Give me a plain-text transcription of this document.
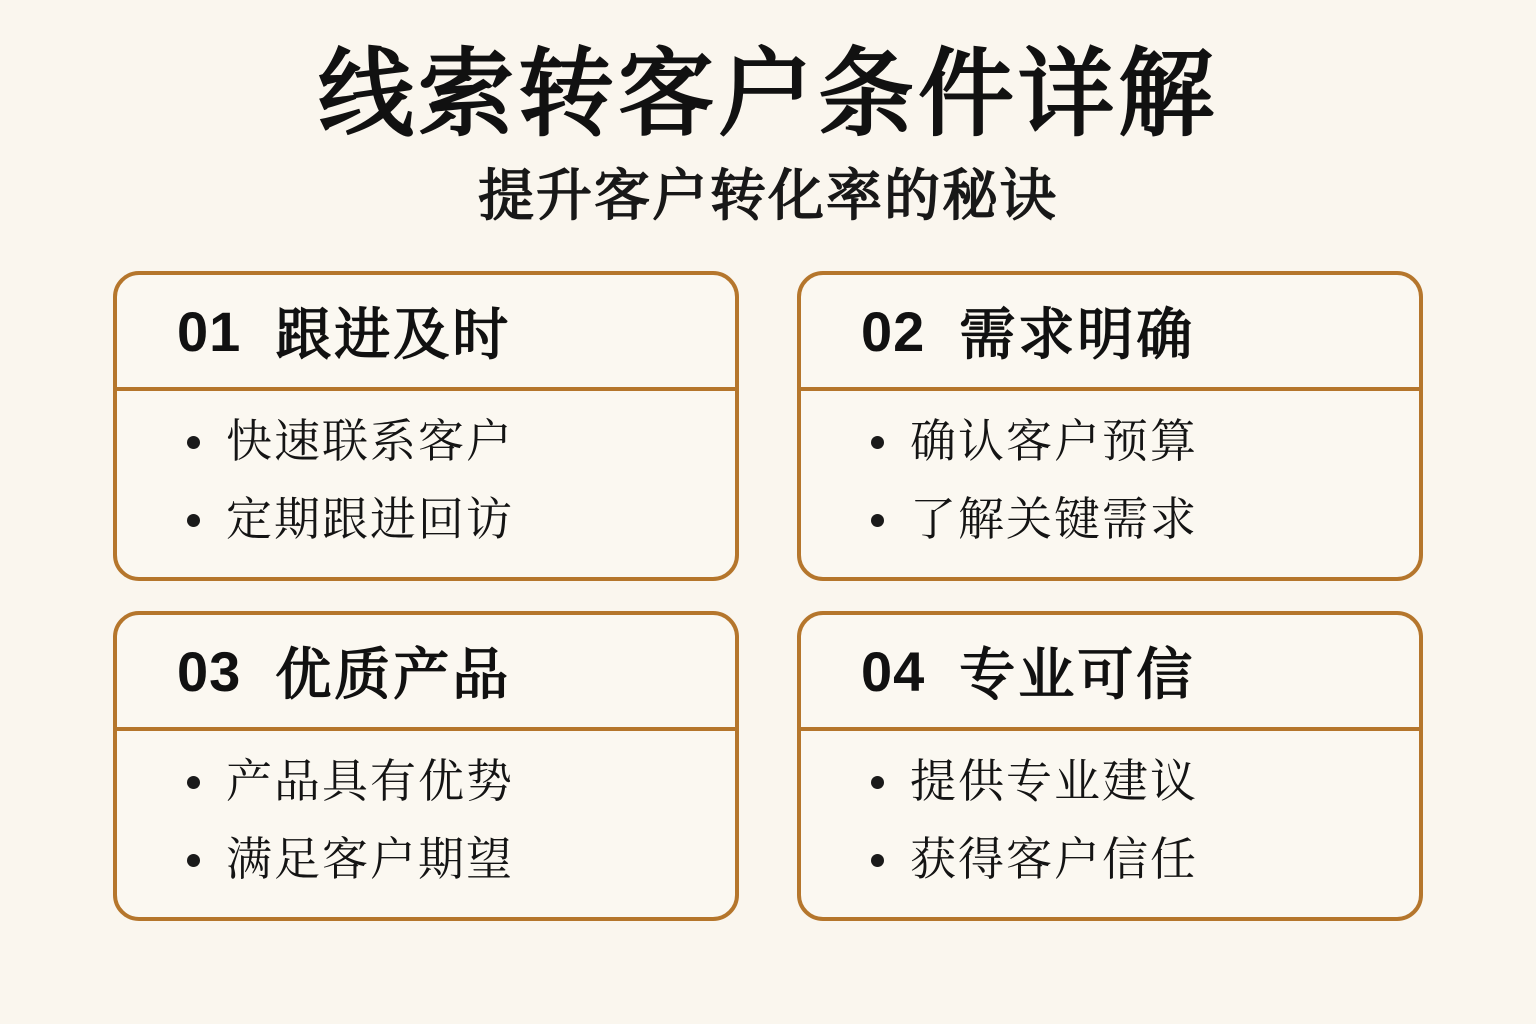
线索转客户条件详解
提升客户转化率的秘诀
01 跟进及时
快速联系客户
定期跟进回访
02 需求明确
确认客户预算
了解关键需求
03 优质产品
产品具有优势
满足客户期望
04 专业可信
提供专业建议
获得客户信任
